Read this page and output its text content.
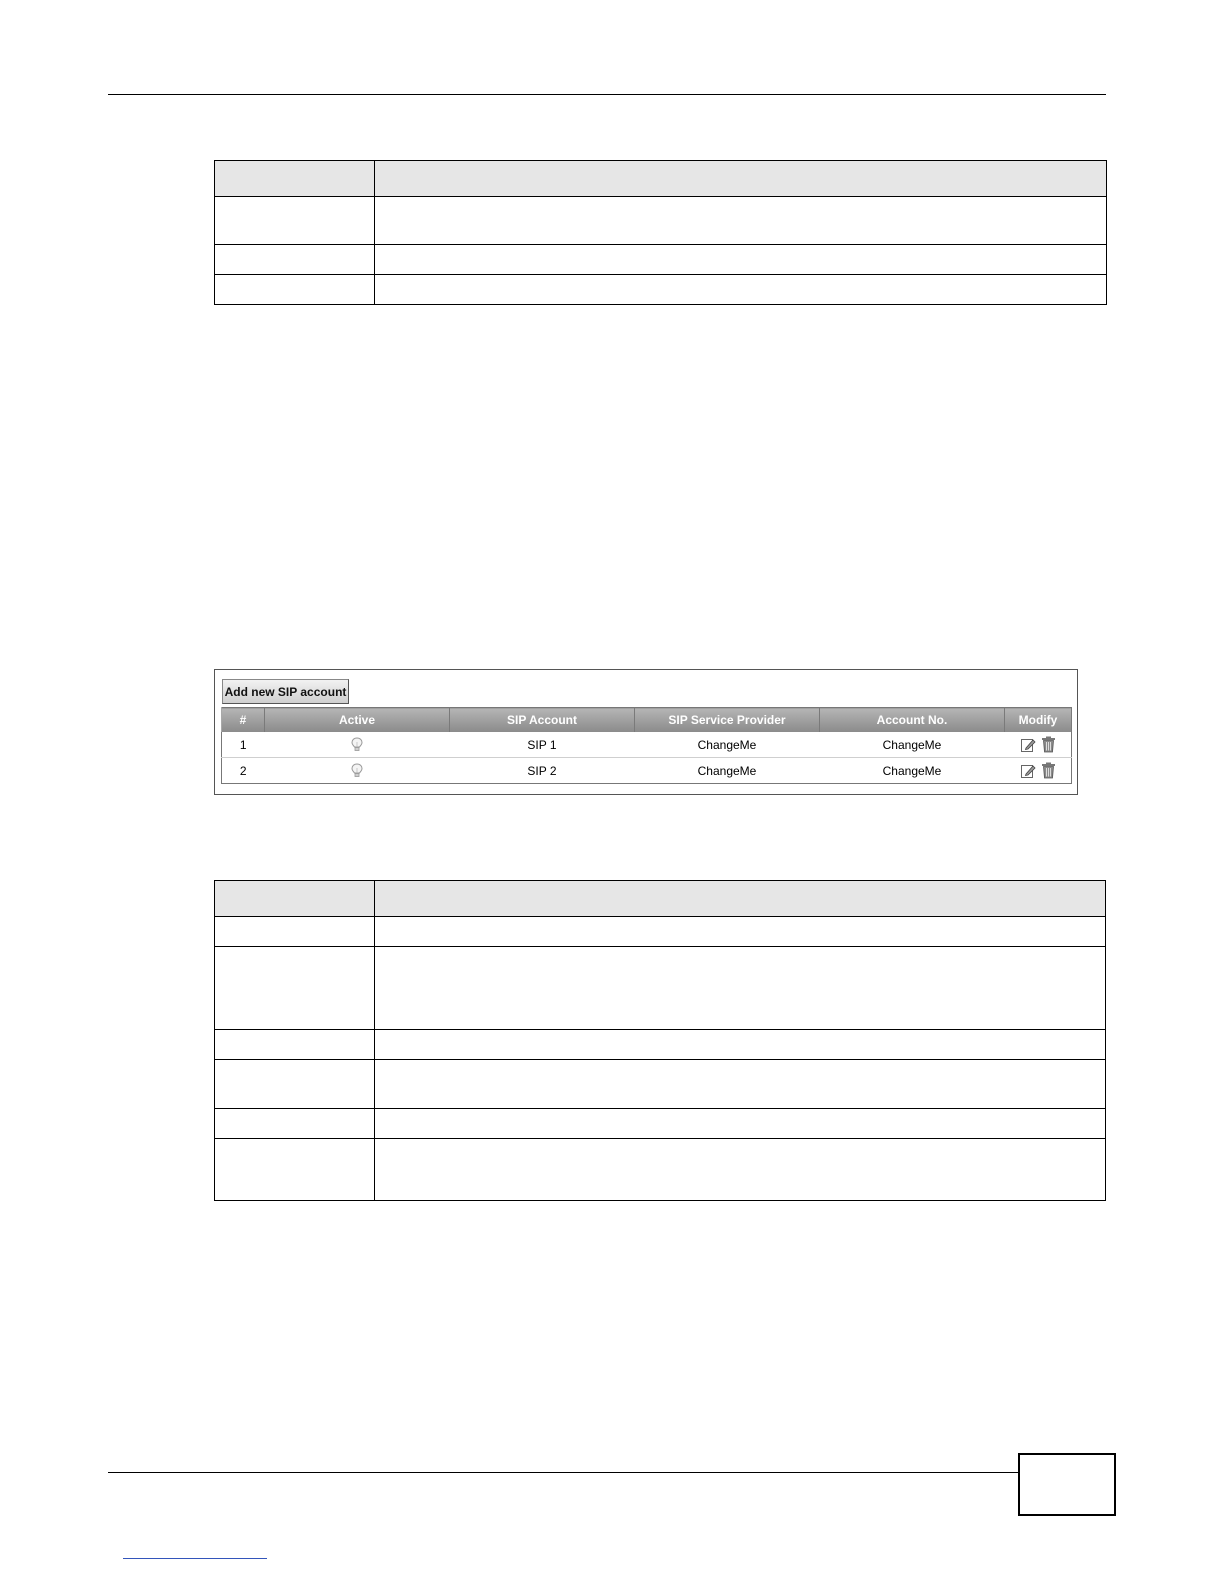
Add new SIP account
#	Active	SIP Account	SIP Service Provider	Account No.	Modify
1		SIP 1	ChangeMe	ChangeMe	
2		SIP 2	ChangeMe	ChangeMe	
